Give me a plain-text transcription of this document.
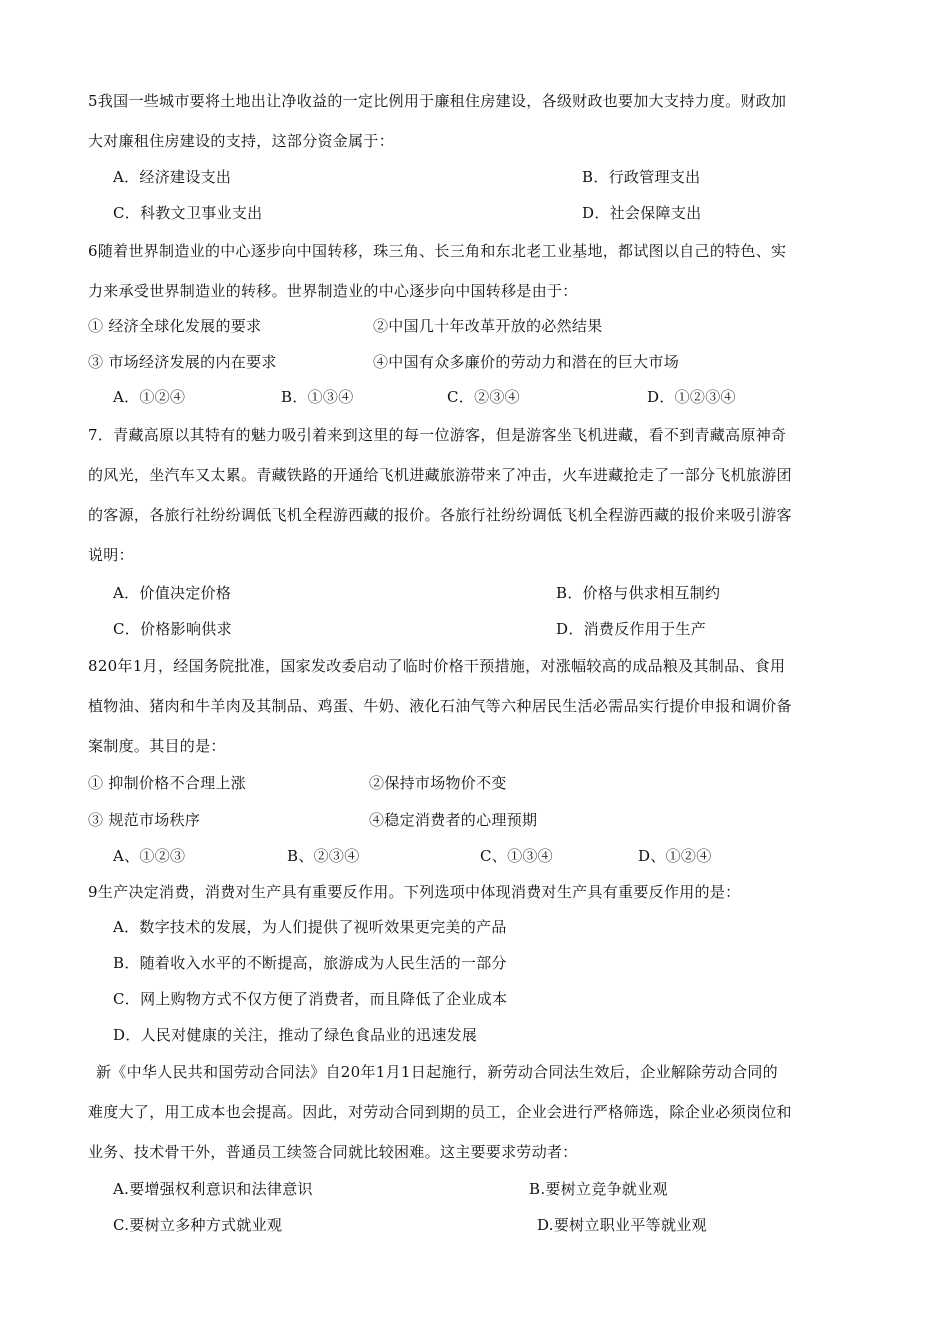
5我国一些城市要将土地出让净收益的一定比例用于廉租住房建设，各级财政也要加大支持力度。财政加
大对廉租住房建设的支持，这部分资金属于：
A．经济建设支出	B．行政管理支出
C．科教文卫事业支出	D．社会保障支出
6随着世界制造业的中心逐步向中国转移，珠三角、长三角和东北老工业基地，都试图以自己的特色、实
力来承受世界制造业的转移。世界制造业的中心逐步向中国转移是由于：
① 经济全球化发展的要求	②中国几十年改革开放的必然结果
③ 市场经济发展的内在要求	④中国有众多廉价的劳动力和潜在的巨大市场
A．①②④	B．①③④	C．②③④	D．①②③④
7．青藏高原以其特有的魅力吸引着来到这里的每一位游客，但是游客坐飞机进藏，看不到青藏高原神奇
的风光，坐汽车又太累。青藏铁路的开通给飞机进藏旅游带来了冲击，火车进藏抢走了一部分飞机旅游团
的客源，各旅行社纷纷调低飞机全程游西藏的报价。各旅行社纷纷调低飞机全程游西藏的报价来吸引游客
说明：
A．价值决定价格	B．价格与供求相互制约
C．价格影响供求	D．消费反作用于生产
820年1月，经国务院批准，国家发改委启动了临时价格干预措施，对涨幅较高的成品粮及其制品、食用
植物油、猪肉和牛羊肉及其制品、鸡蛋、牛奶、液化石油气等六种居民生活必需品实行提价申报和调价备
案制度。其目的是：
① 抑制价格不合理上涨	②保持市场物价不变
③ 规范市场秩序	④稳定消费者的心理预期
A、①②③	B、②③④	C、①③④	D、①②④
9生产决定消费，消费对生产具有重要反作用。下列选项中体现消费对生产具有重要反作用的是：
A．数字技术的发展，为人们提供了视听效果更完美的产品
B．随着收入水平的不断提高，旅游成为人民生活的一部分
C．网上购物方式不仅方便了消费者，而且降低了企业成本
D．人民对健康的关注，推动了绿色食品业的迅速发展
新《中华人民共和国劳动合同法》自20年1月1日起施行，新劳动合同法生效后，企业解除劳动合同的
难度大了，用工成本也会提高。因此，对劳动合同到期的员工，企业会进行严格筛选，除企业必须岗位和
业务、技术骨干外，普通员工续签合同就比较困难。这主要要求劳动者：
A.要增强权利意识和法律意识	B.要树立竞争就业观
C.要树立多种方式就业观	D.要树立职业平等就业观
